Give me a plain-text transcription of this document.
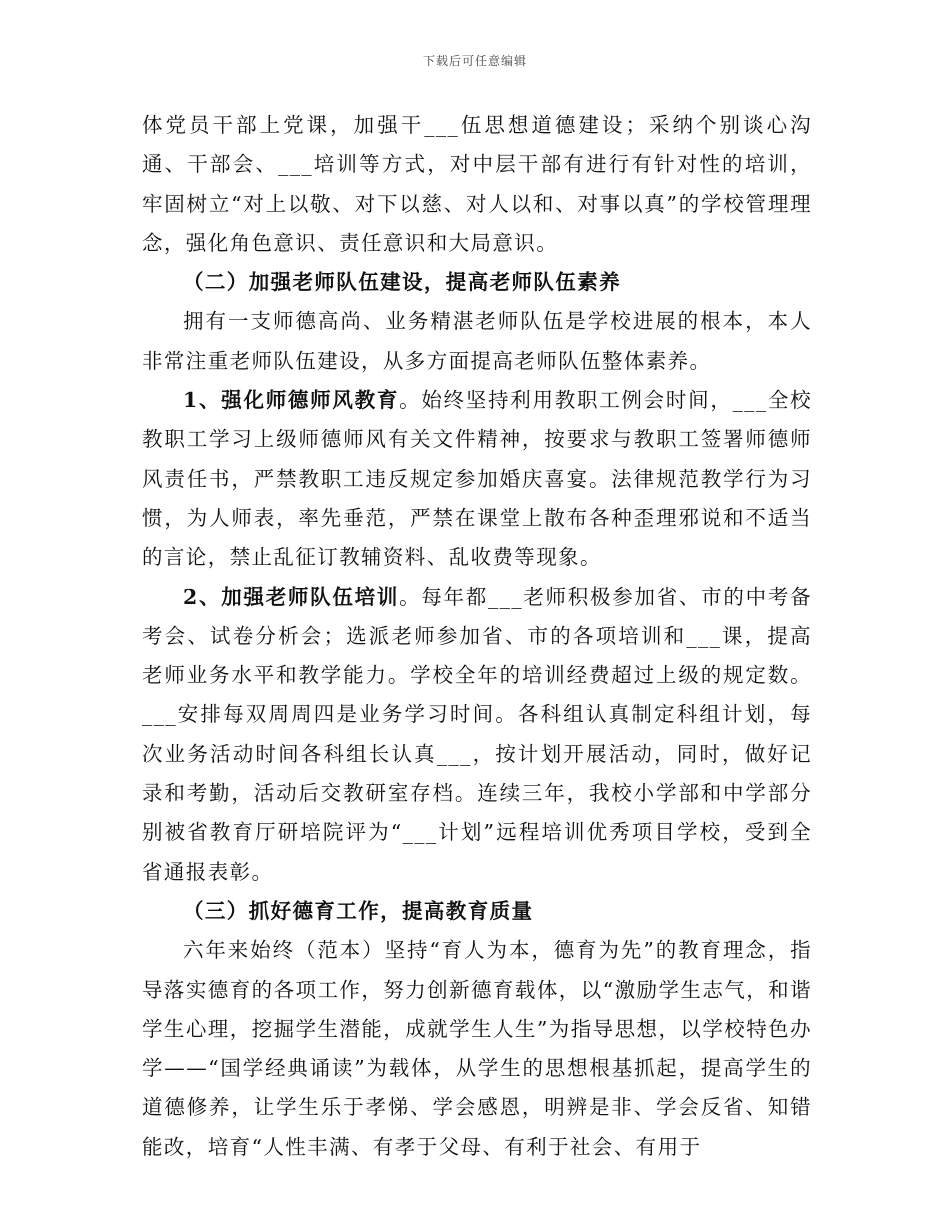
下载后可任意编辑

体党员干部上党课，加强干___伍思想道德建设；采纳个别谈心沟通、干部会、___培训等方式，对中层干部有进行有针对性的培训，牢固树立“对上以敬、对下以慈、对人以和、对事以真”的学校管理理念，强化角色意识、责任意识和大局意识。

（二）加强老师队伍建设，提高老师队伍素养

拥有一支师德高尚、业务精湛老师队伍是学校进展的根本，本人非常注重老师队伍建设，从多方面提高老师队伍整体素养。

1、强化师德师风教育。始终坚持利用教职工例会时间，___全校教职工学习上级师德师风有关文件精神，按要求与教职工签署师德师风责任书，严禁教职工违反规定参加婚庆喜宴。法律规范教学行为习惯，为人师表，率先垂范，严禁在课堂上散布各种歪理邪说和不适当的言论，禁止乱征订教辅资料、乱收费等现象。

2、加强老师队伍培训。每年都___老师积极参加省、市的中考备考会、试卷分析会；选派老师参加省、市的各项培训和___课，提高老师业务水平和教学能力。学校全年的培训经费超过上级的规定数。___安排每双周周四是业务学习时间。各科组认真制定科组计划，每次业务活动时间各科组长认真___，按计划开展活动，同时，做好记录和考勤，活动后交教研室存档。连续三年，我校小学部和中学部分别被省教育厅研培院评为“___计划”远程培训优秀项目学校，受到全省通报表彰。

（三）抓好德育工作，提高教育质量

六年来始终（范本）坚持“育人为本，德育为先”的教育理念，指导落实德育的各项工作，努力创新德育载体，以“激励学生志气，和谐学生心理，挖掘学生潜能，成就学生人生”为指导思想，以学校特色办学——“国学经典诵读”为载体，从学生的思想根基抓起，提高学生的道德修养，让学生乐于孝悌、学会感恩，明辨是非、学会反省、知错能改，培育“人性丰满、有孝于父母、有利于社会、有用于
